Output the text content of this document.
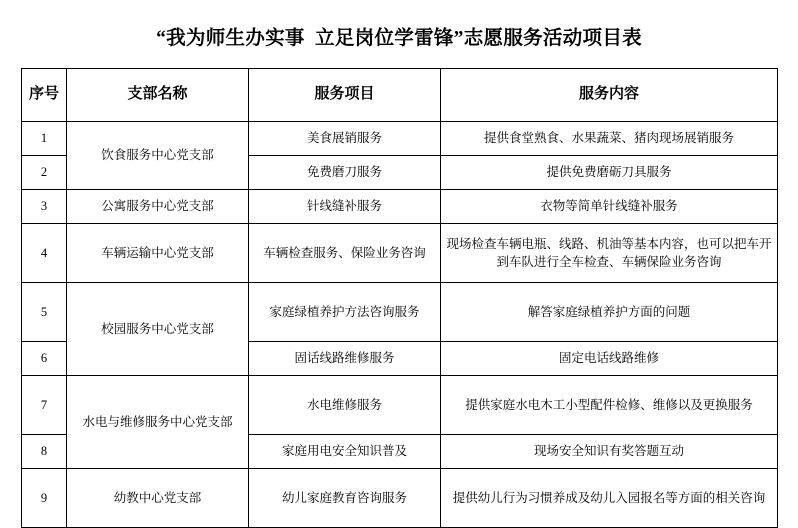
“我为师生办实事  立足岗位学雷锋”志愿服务活动项目表
序号	支部名称	服务项目	服务内容
1	饮食服务中心党支部	美食展销服务	提供食堂熟食、水果蔬菜、猪肉现场展销服务
2		免费磨刀服务	提供免费磨砺刀具服务
3	公寓服务中心党支部	针线缝补服务	衣物等简单针线缝补服务
4	车辆运输中心党支部	车辆检查服务、保险业务咨询	现场检查车辆电瓶、线路、机油等基本内容，也可以把车开到车队进行全车检查、车辆保险业务咨询
5	校园服务中心党支部	家庭绿植养护方法咨询服务	解答家庭绿植养护方面的问题
6		固话线路维修服务	固定电话线路维修
7	水电与维修服务中心党支部	水电维修服务	提供家庭水电木工小型配件检修、维修以及更换服务
8		家庭用电安全知识普及	现场安全知识有奖答题互动
9	幼教中心党支部	幼儿家庭教育咨询服务	提供幼儿行为习惯养成及幼儿入园报名等方面的相关咨询
